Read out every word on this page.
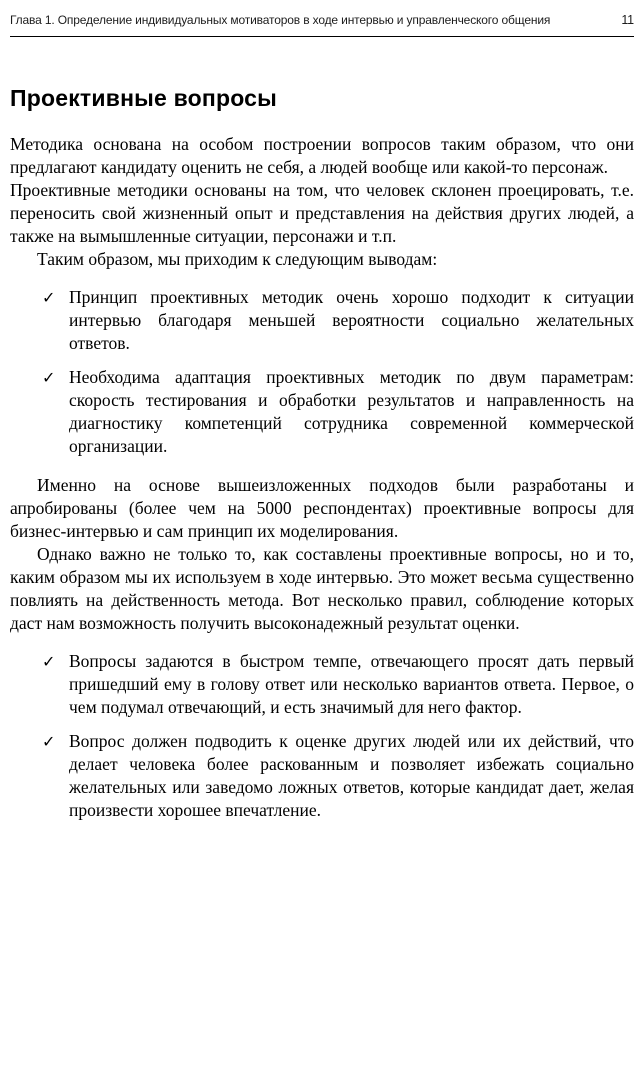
Глава 1. Определение индивидуальных мотиваторов в ходе интервью и управленческого общения	11
Проективные вопросы

Методика основана на особом построении вопросов таким образом, что они предлагают кандидату оценить не себя, а людей вообще или какой-то персонаж.

Проективные методики основаны на том, что человек склонен проецировать, т.е. переносить свой жизненный опыт и представления на действия других людей, а также на вымышленные ситуации, персонажи и т.п.

Таким образом, мы приходим к следующим выводам:

✓ Принцип проективных методик очень хорошо подходит к ситуации интервью благодаря меньшей вероятности социально желательных ответов.
✓ Необходима адаптация проективных методик по двум параметрам: скорость тестирования и обработки результатов и направленность на диагностику компетенций сотрудника современной коммерческой организации.

Именно на основе вышеизложенных подходов были разработаны и апробированы (более чем на 5000 респондентах) проективные вопросы для бизнес-интервью и сам принцип их моделирования.

Однако важно не только то, как составлены проективные вопросы, но и то, каким образом мы их используем в ходе интервью. Это может весьма существенно повлиять на действенность метода. Вот несколько правил, соблюдение которых даст нам возможность получить высоконадежный результат оценки.

✓ Вопросы задаются в быстром темпе, отвечающего просят дать первый пришедший ему в голову ответ или несколько вариантов ответа. Первое, о чем подумал отвечающий, и есть значимый для него фактор.
✓ Вопрос должен подводить к оценке других людей или их действий, что делает человека более раскованным и позволяет избежать социально желательных или заведомо ложных ответов, которые кандидат дает, желая произвести хорошее впечатление.
